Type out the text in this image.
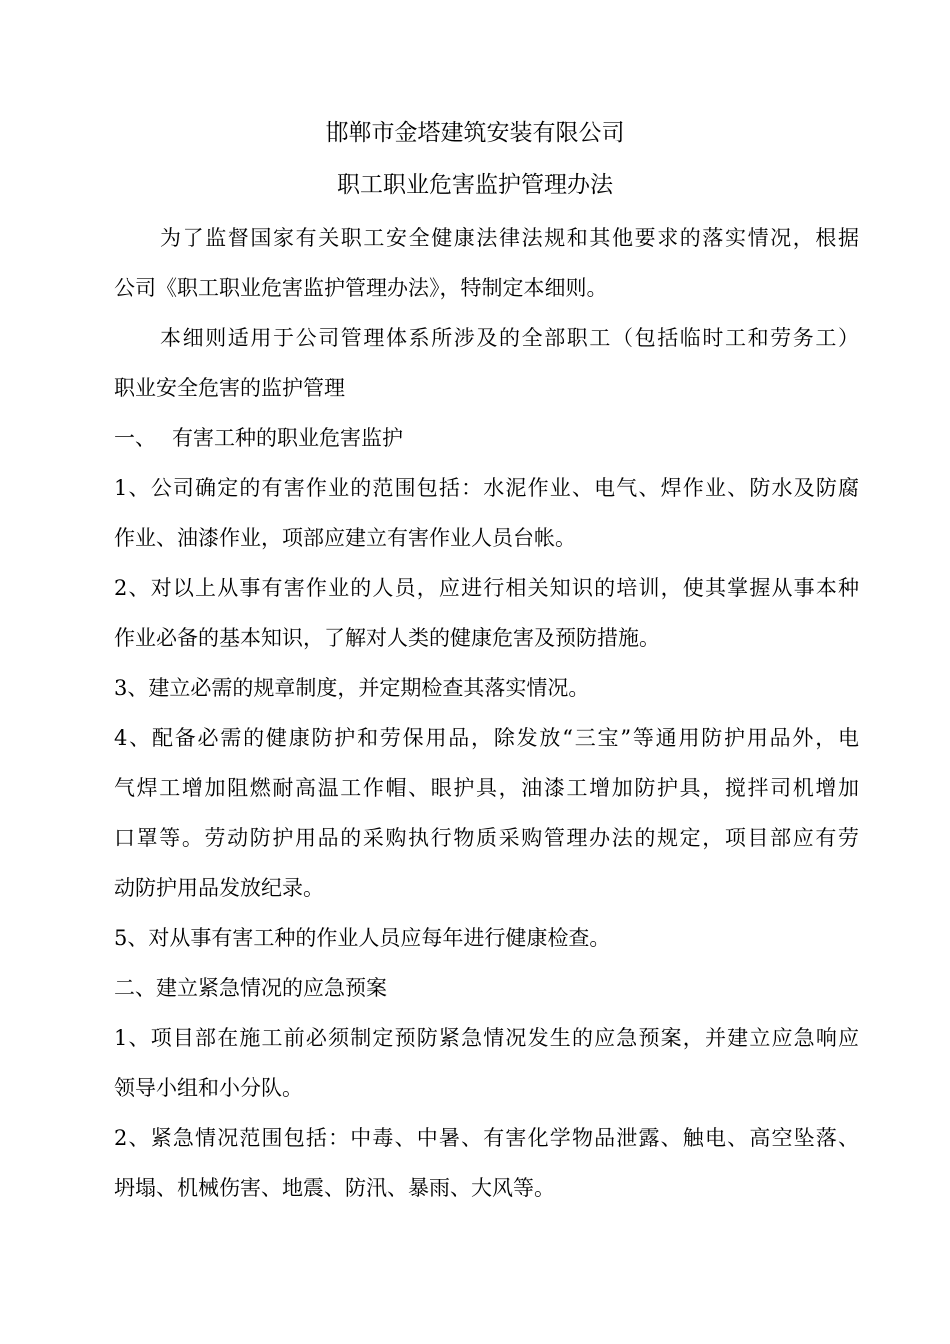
邯郸市金塔建筑安装有限公司
职工职业危害监护管理办法
为了监督国家有关职工安全健康法律法规和其他要求的落实情况，根据
公司《职工职业危害监护管理办法》，特制定本细则。
本细则适用于公司管理体系所涉及的全部职工（包括临时工和劳务工）
职业安全危害的监护管理
一、 有害工种的职业危害监护
1、公司确定的有害作业的范围包括：水泥作业、电气、焊作业、防水及防腐
作业、油漆作业，项部应建立有害作业人员台帐。
2、对以上从事有害作业的人员，应进行相关知识的培训，使其掌握从事本种
作业必备的基本知识，了解对人类的健康危害及预防措施。
3、建立必需的规章制度，并定期检查其落实情况。
4、配备必需的健康防护和劳保用品，除发放“三宝”等通用防护用品外，电
气焊工增加阻燃耐高温工作帽、眼护具，油漆工增加防护具，搅拌司机增加
口罩等。劳动防护用品的采购执行物质采购管理办法的规定，项目部应有劳
动防护用品发放纪录。
5、对从事有害工种的作业人员应每年进行健康检查。
二、建立紧急情况的应急预案
1、项目部在施工前必须制定预防紧急情况发生的应急预案，并建立应急响应
领导小组和小分队。
2、紧急情况范围包括：中毒、中暑、有害化学物品泄露、触电、高空坠落、
坍塌、机械伤害、地震、防汛、暴雨、大风等。
